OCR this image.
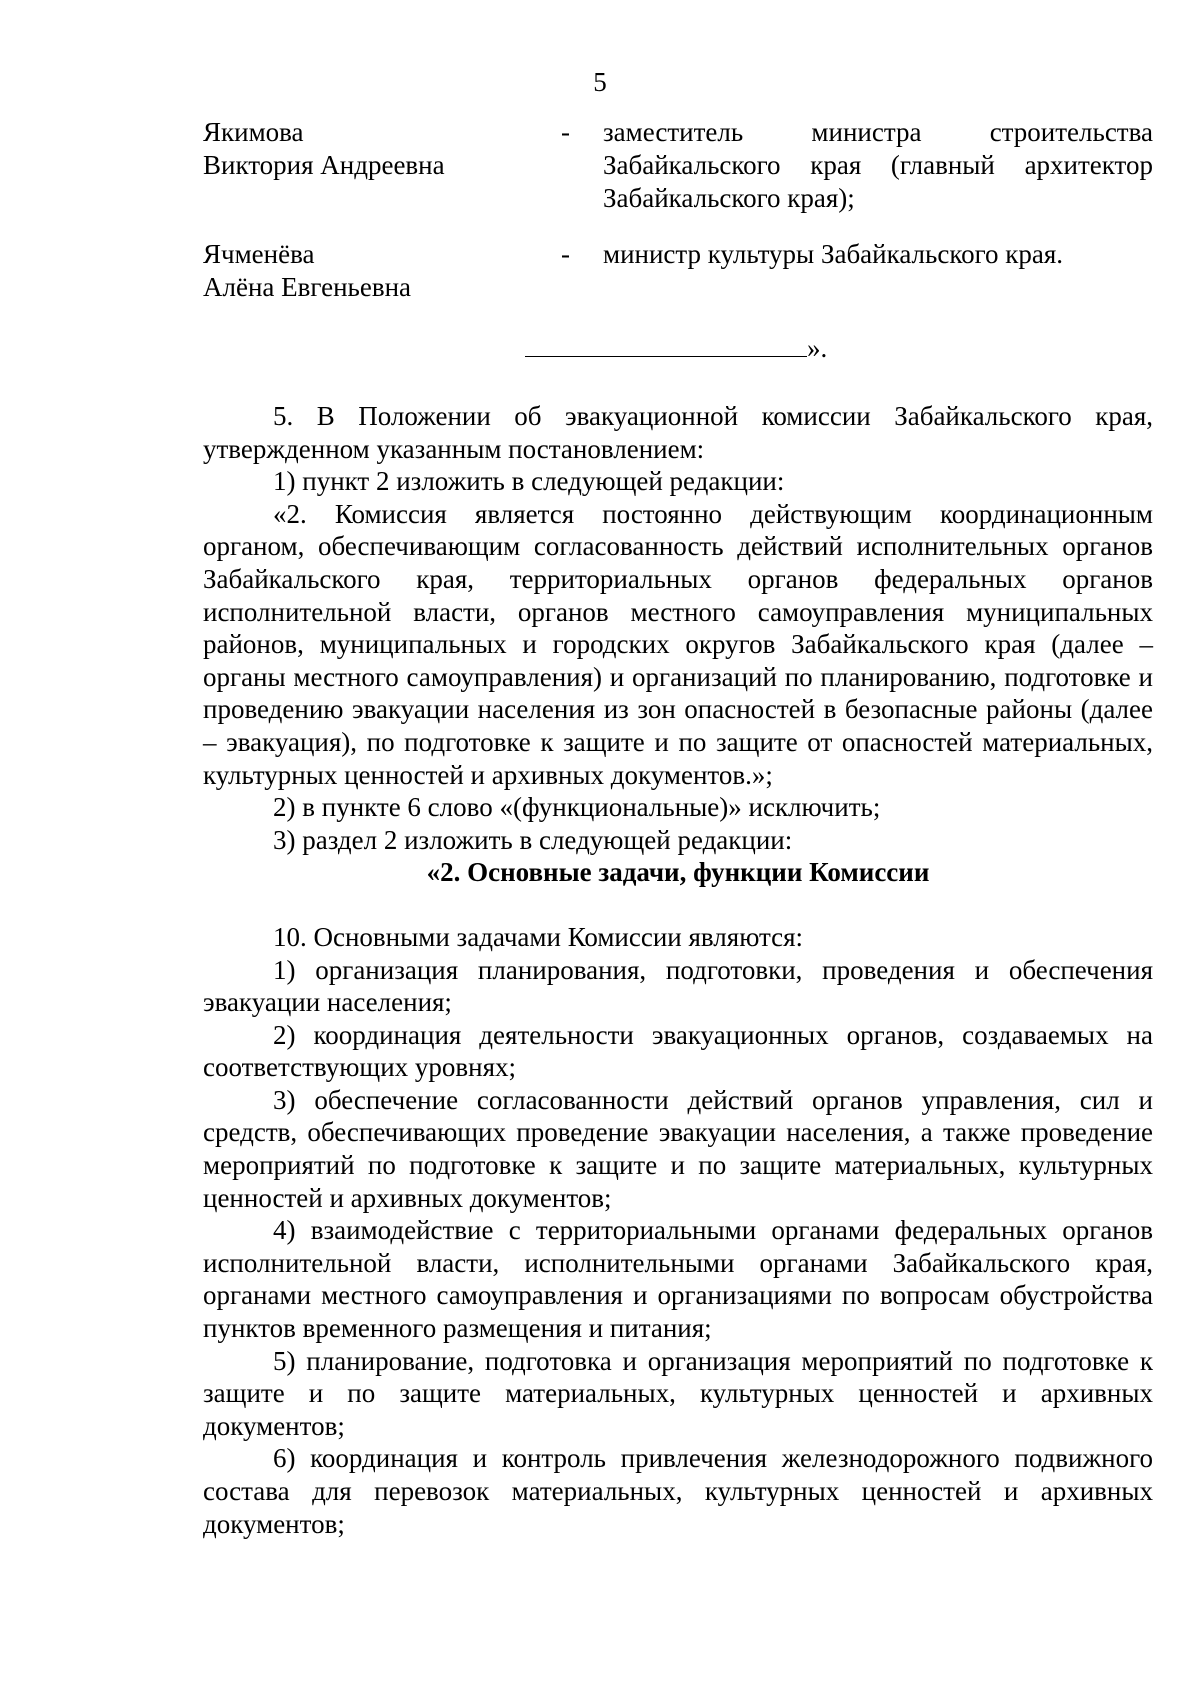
5
Якимова
Виктория Андреевна
- заместитель министра строительства Забайкальского края (главный архитектор Забайкальского края);
Ячменёва
Алёна Евгеньевна
- министр культуры Забайкальского края.
».

5. В Положении об эвакуационной комиссии Забайкальского края, утвержденном указанным постановлением:

1) пункт 2 изложить в следующей редакции:

«2. Комиссия является постоянно действующим координационным органом, обеспечивающим согласованность действий исполнительных органов Забайкальского края, территориальных органов федеральных органов исполнительной власти, органов местного самоуправления муниципальных районов, муниципальных и городских округов Забайкальского края (далее – органы местного самоуправления) и организаций по планированию, подготовке и проведению эвакуации населения из зон опасностей в безопасные районы (далее – эвакуация), по подготовке к защите и по защите от опасностей материальных, культурных ценностей и архивных документов.»;

2) в пункте 6 слово «(функциональные)» исключить;

3) раздел 2 изложить в следующей редакции:

«2. Основные задачи, функции Комиссии

10. Основными задачами Комиссии являются:

1) организация планирования, подготовки, проведения и обеспечения эвакуации населения;

2) координация деятельности эвакуационных органов, создаваемых на соответствующих уровнях;

3) обеспечение согласованности действий органов управления, сил и средств, обеспечивающих проведение эвакуации населения, а также проведение мероприятий по подготовке к защите и по защите материальных, культурных ценностей и архивных документов;

4) взаимодействие с территориальными органами федеральных органов исполнительной власти, исполнительными органами Забайкальского края, органами местного самоуправления и организациями по вопросам обустройства пунктов временного размещения и питания;

5) планирование, подготовка и организация мероприятий по подготовке к защите и по защите материальных, культурных ценностей и архивных документов;

6) координация и контроль привлечения железнодорожного подвижного состава для перевозок материальных, культурных ценностей и архивных документов;
